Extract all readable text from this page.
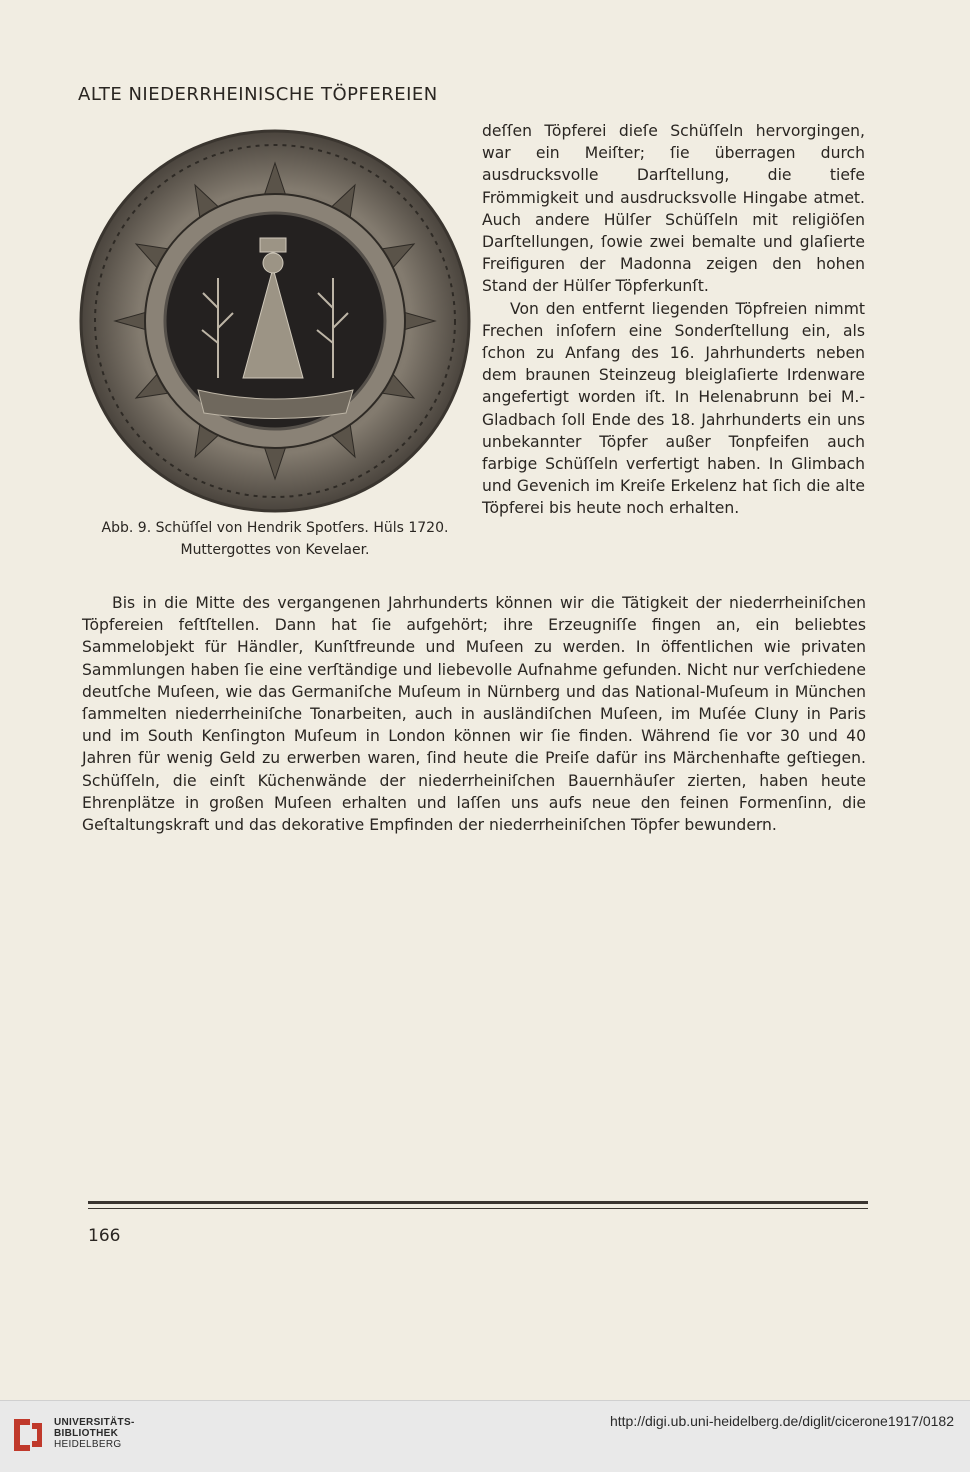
ALTE NIEDERRHEINISCHE TÖPFEREIEN
Abb. 9. Schüſſel von Hendrik Spotſers. Hüls 1720.
Muttergottes von Kevelaer.

deſſen Töpferei dieſe Schüſſeln hervorgingen, war ein Meiſter; ſie überragen durch ausdrucksvolle Darſtellung, die tiefe Frömmigkeit und ausdrucksvolle Hingabe atmet. Auch andere Hülſer Schüſſeln mit religiöſen Darſtellungen, ſowie zwei bemalte und glaſierte Freifiguren der Madonna zeigen den hohen Stand der Hülſer Töpferkunſt.

Von den entfernt liegenden Töpfreien nimmt Frechen inſofern eine Sonderſtellung ein, als ſchon zu Anfang des 16. Jahrhunderts neben dem braunen Steinzeug bleiglaſierte Irdenware angefertigt worden iſt. In Helenabrunn bei M.-Gladbach ſoll Ende des 18. Jahrhunderts ein uns unbekannter Töpfer außer Tonpfeifen auch farbige Schüſſeln verfertigt haben. In Glimbach und Gevenich im Kreiſe Erkelenz hat ſich die alte Töpferei bis heute noch erhalten.

Bis in die Mitte des vergangenen Jahrhunderts können wir die Tätigkeit der niederrheiniſchen Töpfereien feſtſtellen. Dann hat ſie aufgehört; ihre Erzeugniſſe fingen an, ein beliebtes Sammelobjekt für Händler, Kunſtfreunde und Muſeen zu werden. In öffentlichen wie privaten Sammlungen haben ſie eine verſtändige und liebevolle Aufnahme gefunden. Nicht nur verſchiedene deutſche Muſeen, wie das Germaniſche Muſeum in Nürnberg und das National-Muſeum in München ſammelten niederrheiniſche Tonarbeiten, auch in ausländiſchen Muſeen, im Muſée Cluny in Paris und im South Kenſington Muſeum in London können wir ſie finden. Während ſie vor 30 und 40 Jahren für wenig Geld zu erwerben waren, ſind heute die Preiſe dafür ins Märchenhafte geſtiegen. Schüſſeln, die einſt Küchenwände der niederrheiniſchen Bauernhäuſer zierten, haben heute Ehrenplätze in großen Muſeen erhalten und laſſen uns aufs neue den feinen Formenſinn, die Geſtaltungskraft und das dekorative Empfinden der niederrheiniſchen Töpfer bewundern.

166
UNIVERSITÄTS-
BIBLIOTHEK
HEIDELBERG
http://digi.ub.uni-heidelberg.de/diglit/cicerone1917/0182
